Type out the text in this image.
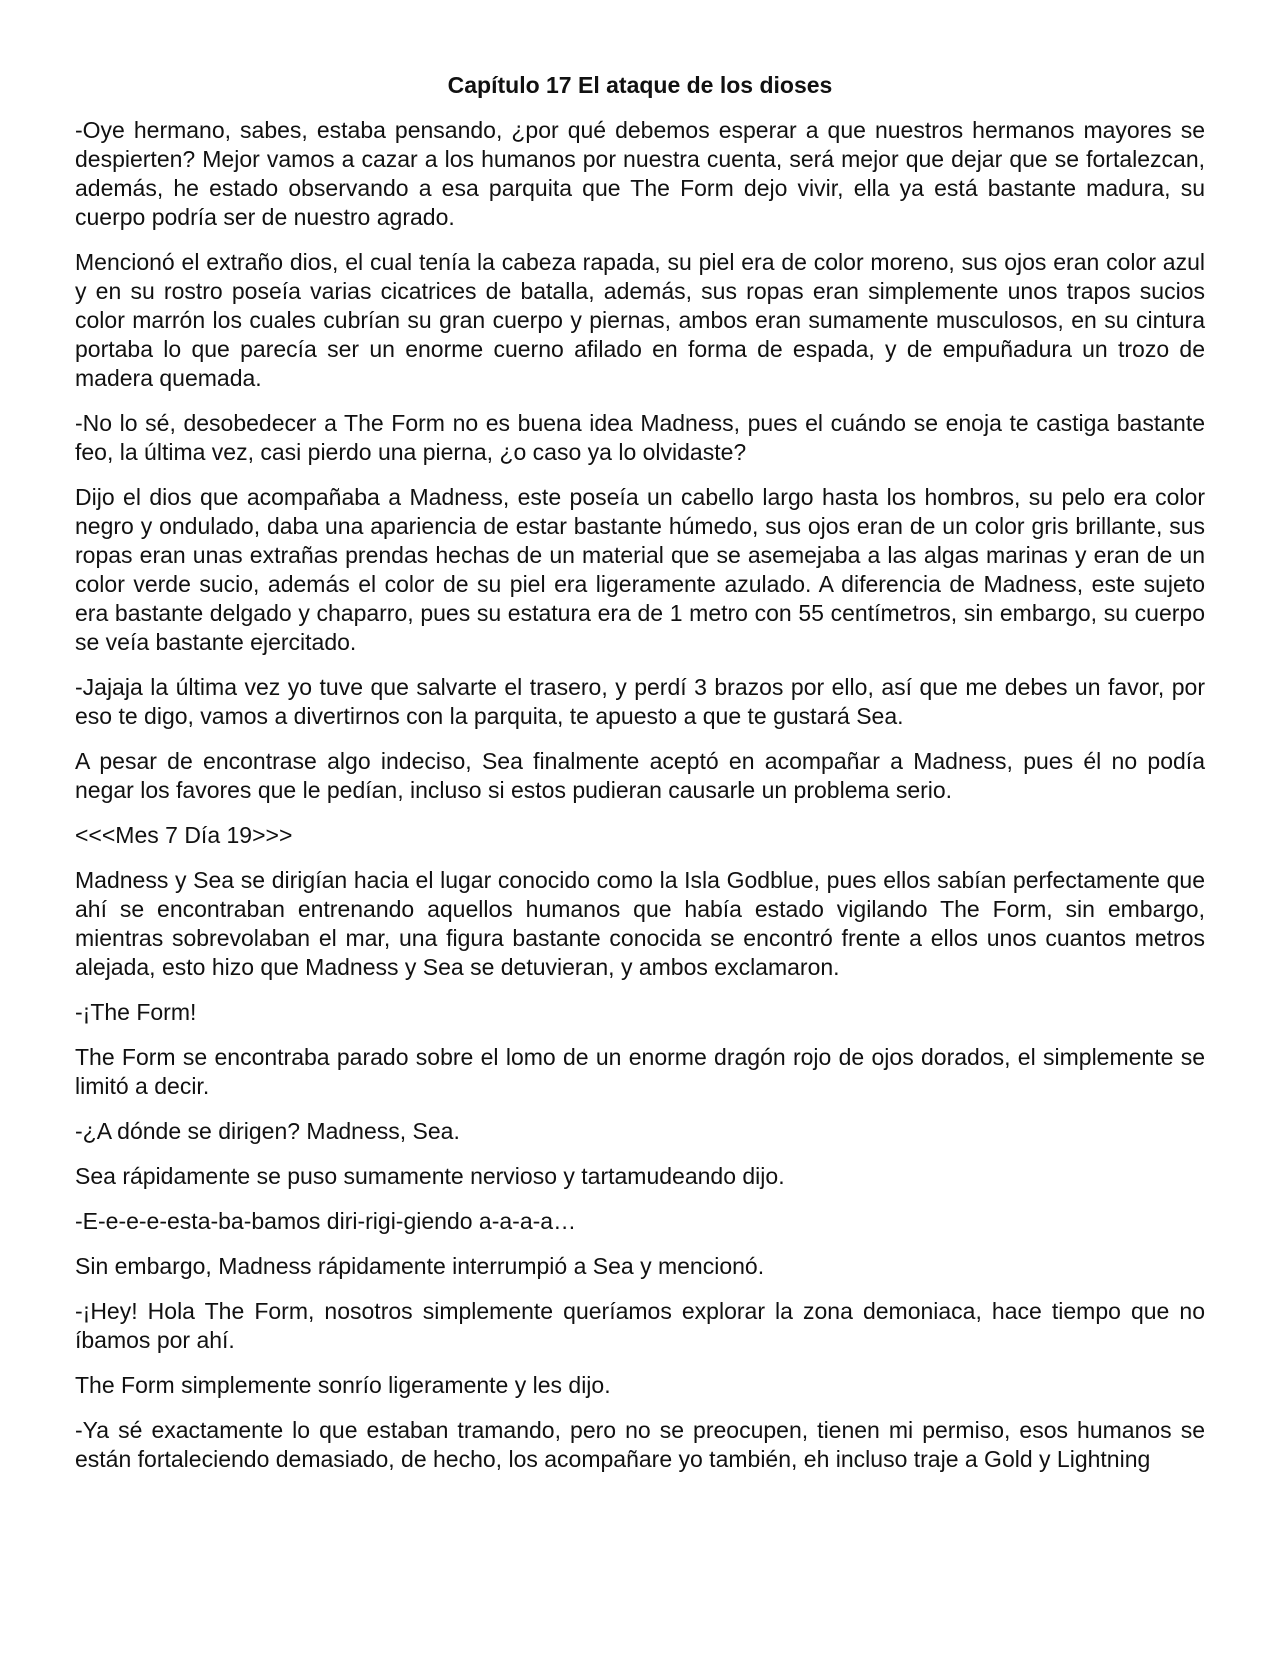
Capítulo 17 El ataque de los dioses

-Oye hermano, sabes, estaba pensando, ¿por qué debemos esperar a que nuestros hermanos mayores se despierten? Mejor vamos a cazar a los humanos por nuestra cuenta, será mejor que dejar que se fortalezcan, además, he estado observando a esa parquita que The Form dejo vivir, ella ya está bastante madura, su cuerpo podría ser de nuestro agrado.

Mencionó el extraño dios, el cual tenía la cabeza rapada, su piel era de color moreno, sus ojos eran color azul y en su rostro poseía varias cicatrices de batalla, además, sus ropas eran simplemente unos trapos sucios color marrón los cuales cubrían su gran cuerpo y piernas, ambos eran sumamente musculosos, en su cintura portaba lo que parecía ser un enorme cuerno afilado en forma de espada, y de empuñadura un trozo de madera quemada.

-No lo sé, desobedecer a The Form no es buena idea Madness, pues el cuándo se enoja te castiga bastante feo, la última vez, casi pierdo una pierna, ¿o caso ya lo olvidaste?

Dijo el dios que acompañaba a Madness, este poseía un cabello largo hasta los hombros, su pelo era color negro y ondulado, daba una apariencia de estar bastante húmedo, sus ojos eran de un color gris brillante, sus ropas eran unas extrañas prendas hechas de un material que se asemejaba a las algas marinas y eran de un color verde sucio, además el color de su piel era ligeramente azulado. A diferencia de Madness, este sujeto era bastante delgado y chaparro, pues su estatura era de 1 metro con 55 centímetros, sin embargo, su cuerpo se veía bastante ejercitado.

-Jajaja la última vez yo tuve que salvarte el trasero, y perdí 3 brazos por ello, así que me debes un favor, por eso te digo, vamos a divertirnos con la parquita, te apuesto a que te gustará Sea.

A pesar de encontrase algo indeciso, Sea finalmente aceptó en acompañar a Madness, pues él no podía negar los favores que le pedían, incluso si estos pudieran causarle un problema serio.

<<<Mes 7 Día 19>>>

Madness y Sea se dirigían hacia el lugar conocido como la Isla Godblue, pues ellos sabían perfectamente que ahí se encontraban entrenando aquellos humanos que había estado vigilando The Form, sin embargo, mientras sobrevolaban el mar, una figura bastante conocida se encontró frente a ellos unos cuantos metros alejada, esto hizo que Madness y Sea se detuvieran, y ambos exclamaron.

-¡The Form!

The Form se encontraba parado sobre el lomo de un enorme dragón rojo de ojos dorados, el simplemente se limitó a decir.

-¿A dónde se dirigen? Madness, Sea.

Sea rápidamente se puso sumamente nervioso y tartamudeando dijo.

-E-e-e-e-esta-ba-bamos diri-rigi-giendo a-a-a-a…

Sin embargo, Madness rápidamente interrumpió a Sea y mencionó.

-¡Hey! Hola The Form, nosotros simplemente queríamos explorar la zona demoniaca, hace tiempo que no íbamos por ahí.

The Form simplemente sonrío ligeramente y les dijo.

-Ya sé exactamente lo que estaban tramando, pero no se preocupen, tienen mi permiso, esos humanos se están fortaleciendo demasiado, de hecho, los acompañare yo también, eh incluso traje a Gold y Lightning
